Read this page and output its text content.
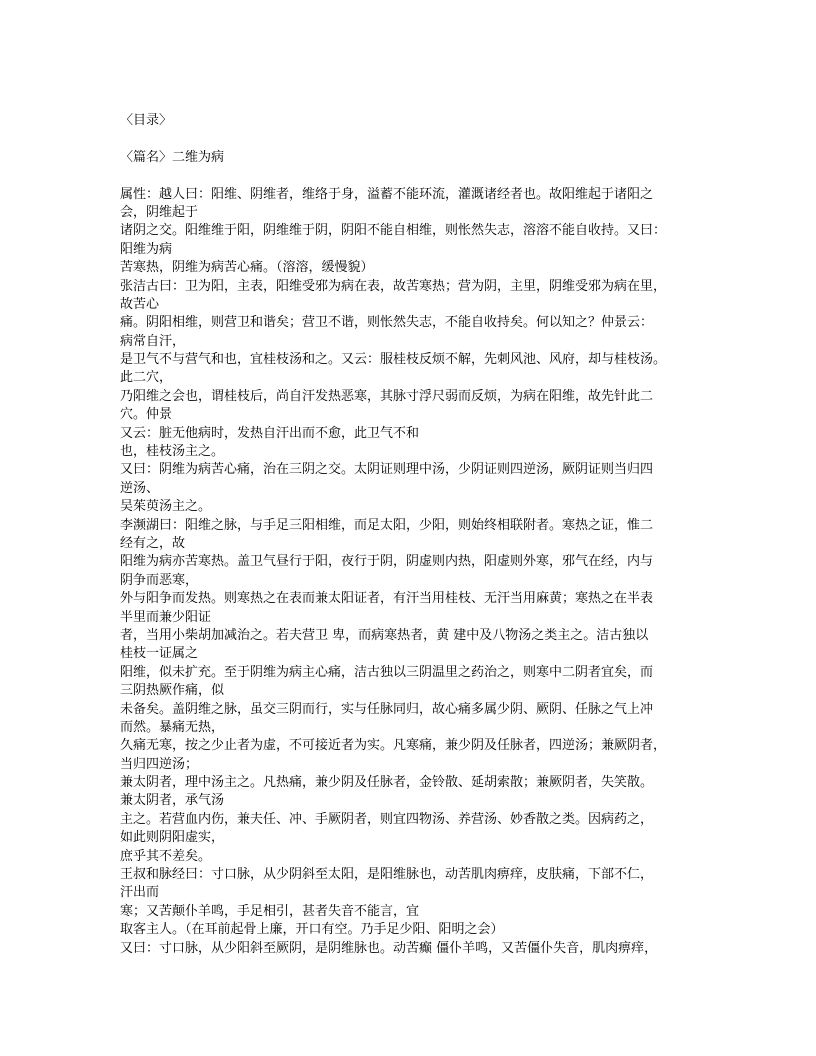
〈目录〉
〈篇名〉二维为病
属性：越人曰：阳维、阴维者，维络于身，溢蓄不能环流，灌溉诸经者也。故阳维起于诸阳之
会，阴维起于
诸阴之交。阳维维于阳，阴维维于阴，阴阳不能自相维，则怅然失志，溶溶不能自收持。又曰：
阳维为病
苦寒热，阴维为病苦心痛。（溶溶，缓慢貌）
张洁古曰：卫为阳，主表，阳维受邪为病在表，故苦寒热；营为阴，主里，阴维受邪为病在里，
故苦心
痛。阴阳相维，则营卫和谐矣；营卫不谐，则怅然失志，不能自收持矣。何以知之？仲景云：
病常自汗，
是卫气不与营气和也，宜桂枝汤和之。又云：服桂枝反烦不解，先刺风池、风府，却与桂枝汤。
此二穴，
乃阳维之会也，谓桂枝后，尚自汗发热恶寒，其脉寸浮尺弱而反烦，为病在阳维，故先针此二
穴。仲景
又云：脏无他病时，发热自汗出而不愈，此卫气不和
也，桂枝汤主之。
又曰：阴维为病苦心痛，治在三阴之交。太阴证则理中汤，少阴证则四逆汤，厥阴证则当归四
逆汤、
吴茱萸汤主之。
李濒湖曰：阳维之脉，与手足三阳相维，而足太阳，少阳，则始终相联附者。寒热之证，惟二
经有之，故
阳维为病亦苦寒热。盖卫气昼行于阳，夜行于阴，阴虚则内热，阳虚则外寒，邪气在经，内与
阴争而恶寒，
外与阳争而发热。则寒热之在表而兼太阳证者，有汗当用桂枝、无汗当用麻黄；寒热之在半表
半里而兼少阳证
者，当用小柴胡加减治之。若夫营卫 卑，而病寒热者，黄 建中及八物汤之类主之。洁古独以
桂枝一证属之
阳维，似未扩充。至于阴维为病主心痛，洁古独以三阴温里之药治之，则寒中二阴者宜矣，而
三阴热厥作痛，似
未备矣。盖阴维之脉，虽交三阴而行，实与任脉同归，故心痛多属少阴、厥阴、任脉之气上冲
而然。暴痛无热，
久痛无寒，按之少止者为虚，不可接近者为实。凡寒痛，兼少阴及任脉者，四逆汤；兼厥阴者，
当归四逆汤；
兼太阴者，理中汤主之。凡热痛，兼少阴及任脉者，金铃散、延胡索散；兼厥阴者，失笑散。
兼太阴者，承气汤
主之。若营血内伤，兼夫任、冲、手厥阴者，则宜四物汤、养营汤、妙香散之类。因病药之，
如此则阴阳虚实，
庶乎其不差矣。
王叔和脉经曰：寸口脉，从少阴斜至太阳，是阳维脉也，动苦肌肉痹痒，皮肤痛，下部不仁，
汗出而
寒；又苦颠仆羊鸣，手足相引，甚者失音不能言，宜
取客主人。（在耳前起骨上廉，开口有空。乃手足少阳、阳明之会）
又曰：寸口脉，从少阳斜至厥阴，是阴维脉也。动苦癫 僵仆羊鸣，又苦僵仆失音，肌肉痹痒，
